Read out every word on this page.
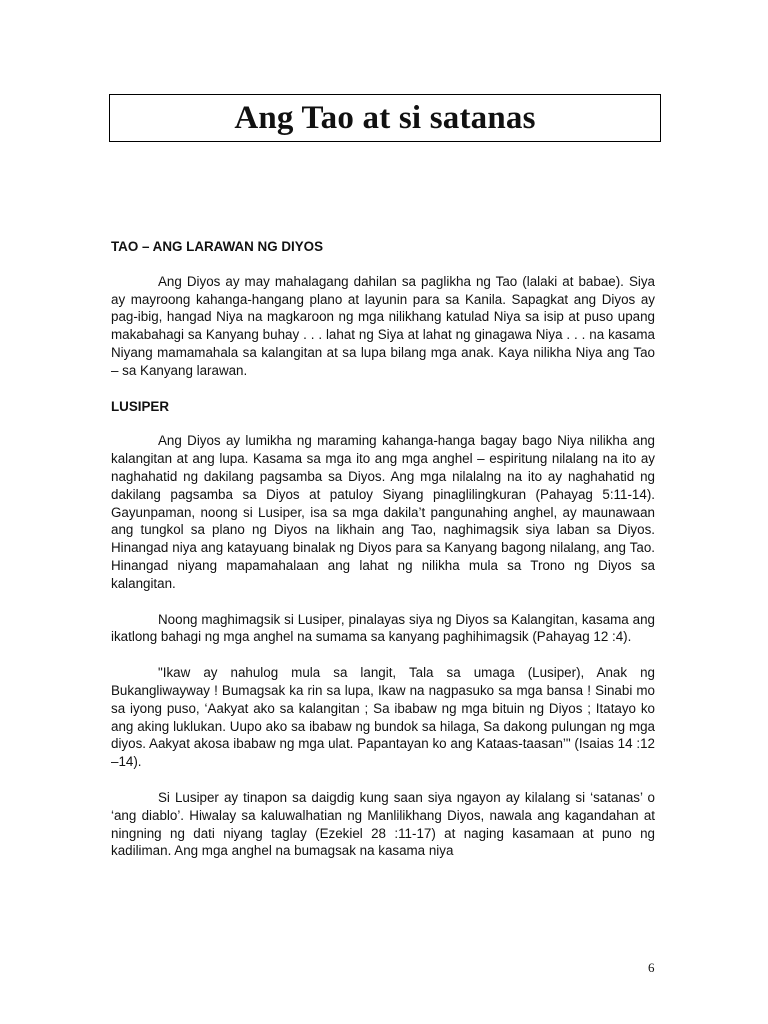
Ang Tao at si satanas
TAO – ANG LARAWAN NG DIYOS

Ang Diyos ay may mahalagang dahilan sa paglikha ng Tao (lalaki at babae). Siya ay mayroong kahanga-hangang plano at layunin para sa Kanila. Sapagkat ang Diyos ay pag-ibig, hangad Niya na magkaroon ng mga nilikhang katulad Niya sa isip at puso upang makabahagi sa Kanyang buhay . . . lahat ng Siya at lahat ng ginagawa Niya . . . na kasama Niyang mamamahala sa kalangitan at sa lupa bilang mga anak. Kaya nilikha Niya ang Tao – sa Kanyang larawan.

LUSIPER

Ang Diyos ay lumikha ng maraming kahanga-hanga bagay bago Niya nilikha ang kalangitan at ang lupa. Kasama sa mga ito ang mga anghel – espiritung nilalang na ito ay naghahatid ng dakilang pagsamba sa Diyos. Ang mga nilalalng na ito ay naghahatid ng dakilang pagsamba sa Diyos at patuloy Siyang pinaglilingkuran (Pahayag 5:11-14). Gayunpaman, noong si Lusiper, isa sa mga dakila’t pangunahing anghel, ay maunawaan ang tungkol sa plano ng Diyos na likhain ang Tao, naghimagsik siya laban sa Diyos. Hinangad niya ang katayuang binalak ng Diyos para sa Kanyang bagong nilalang, ang Tao. Hinangad niyang mapamahalaan ang lahat ng nilikha mula sa Trono ng Diyos sa kalangitan.

Noong maghimagsik si Lusiper, pinalayas siya ng Diyos sa Kalangitan, kasama ang ikatlong bahagi ng mga anghel na sumama sa kanyang paghihimagsik (Pahayag 12 :4).

"Ikaw ay nahulog mula sa langit, Tala sa umaga (Lusiper), Anak ng Bukangliwayway ! Bumagsak ka rin sa lupa, Ikaw na nagpasuko sa mga bansa ! Sinabi mo sa iyong puso, ‘Aakyat ako sa kalangitan ; Sa ibabaw ng mga bituin ng Diyos ; Itatayo ko ang aking luklukan. Uupo ako sa ibabaw ng bundok sa hilaga, Sa dakong pulungan ng mga diyos. Aakyat akosa ibabaw ng mga ulat. Papantayan ko ang Kataas-taasan’" (Isaias 14 :12 –14).

Si Lusiper ay tinapon sa daigdig kung saan siya ngayon ay kilalang si ‘satanas’ o ‘ang diablo’. Hiwalay sa kaluwalhatian ng Manlilikhang Diyos, nawala ang kagandahan at ningning ng dati niyang taglay (Ezekiel 28 :11-17) at naging kasamaan at puno ng kadiliman. Ang mga anghel na bumagsak na kasama niya

6
